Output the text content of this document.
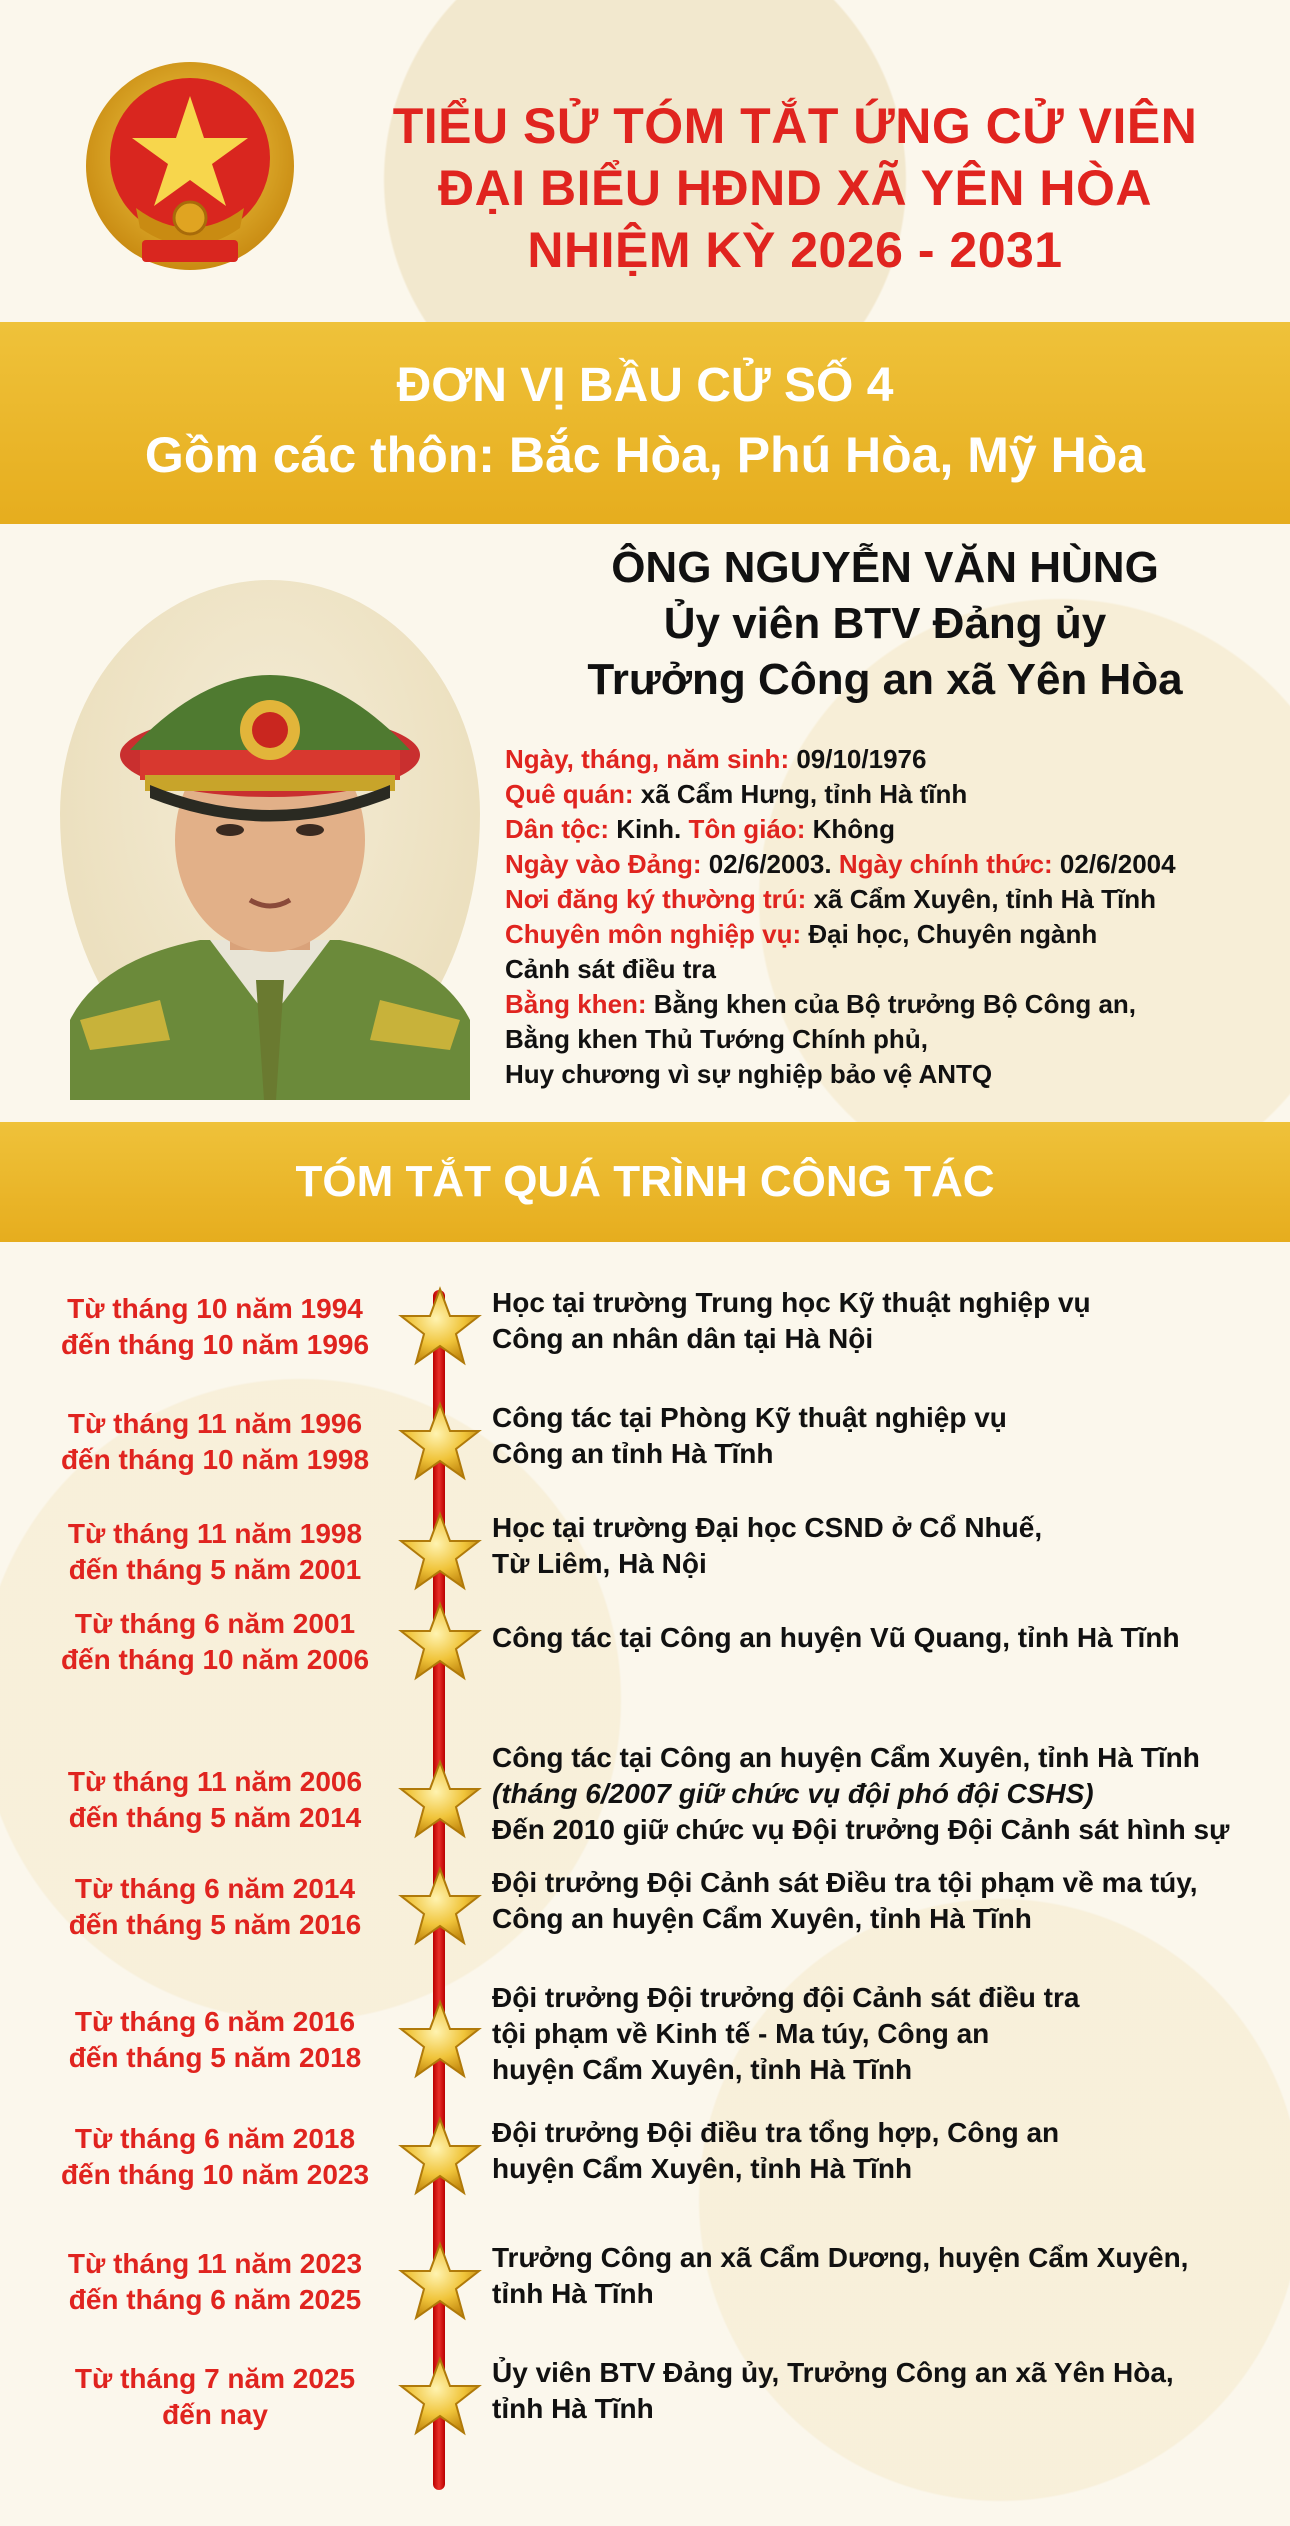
TIỂU SỬ TÓM TẮT ỨNG CỬ VIÊN
ĐẠI BIỂU HĐND XÃ YÊN HÒA
NHIỆM KỲ 2026 - 2031
ĐƠN VỊ BẦU CỬ SỐ 4
Gồm các thôn: Bắc Hòa, Phú Hòa, Mỹ Hòa
ÔNG NGUYỄN VĂN HÙNG
Ủy viên BTV Đảng ủy
Trưởng Công an xã Yên Hòa
Ngày, tháng, năm sinh: 09/10/1976
Quê quán: xã Cẩm Hưng, tỉnh Hà tĩnh
Dân tộc: Kinh. Tôn giáo: Không
Ngày vào Đảng: 02/6/2003. Ngày chính thức: 02/6/2004
Nơi đăng ký thường trú: xã Cẩm Xuyên, tỉnh Hà Tĩnh
Chuyên môn nghiệp vụ: Đại học, Chuyên ngành
Cảnh sát điều tra
Bằng khen: Bằng khen của Bộ trưởng Bộ Công an,
Bằng khen Thủ Tướng Chính phủ,
Huy chương vì sự nghiệp bảo vệ ANTQ
TÓM TẮT QUÁ TRÌNH CÔNG TÁC
Từ tháng 10 năm 1994
đến tháng 10 năm 1996
Học tại trường Trung học Kỹ thuật nghiệp vụ
Công an nhân dân tại Hà Nội
Từ tháng 11 năm 1996
đến tháng 10 năm 1998
Công tác tại Phòng Kỹ thuật nghiệp vụ
Công an tỉnh Hà Tĩnh
Từ tháng 11 năm 1998
đến tháng 5 năm 2001
Học tại trường Đại học CSND ở Cổ Nhuế,
Từ Liêm, Hà Nội
Từ tháng 6 năm 2001
đến tháng 10 năm 2006
Công tác tại Công an huyện Vũ Quang, tỉnh Hà Tĩnh
Từ tháng 11 năm 2006
đến tháng 5 năm 2014
Công tác tại Công an huyện Cẩm Xuyên, tỉnh Hà Tĩnh
(tháng 6/2007 giữ chức vụ đội phó đội CSHS)
Đến 2010 giữ chức vụ Đội trưởng Đội Cảnh sát hình sự
Từ tháng 6 năm 2014
đến tháng 5 năm 2016
Đội trưởng Đội Cảnh sát Điều tra tội phạm về ma túy,
Công an huyện Cẩm Xuyên, tỉnh Hà Tĩnh
Từ tháng 6 năm 2016
đến tháng 5 năm 2018
Đội trưởng Đội trưởng đội Cảnh sát điều tra
tội phạm về Kinh tế - Ma túy, Công an
huyện Cẩm Xuyên, tỉnh Hà Tĩnh
Từ tháng 6 năm 2018
đến tháng 10 năm 2023
Đội trưởng Đội điều tra tổng hợp, Công an
huyện Cẩm Xuyên, tỉnh Hà Tĩnh
Từ tháng 11 năm 2023
đến tháng 6 năm 2025
Trưởng Công an xã Cẩm Dương, huyện Cẩm Xuyên,
tỉnh Hà Tĩnh
Từ tháng 7 năm 2025
đến nay
Ủy viên BTV Đảng ủy, Trưởng Công an xã Yên Hòa,
tỉnh Hà Tĩnh
